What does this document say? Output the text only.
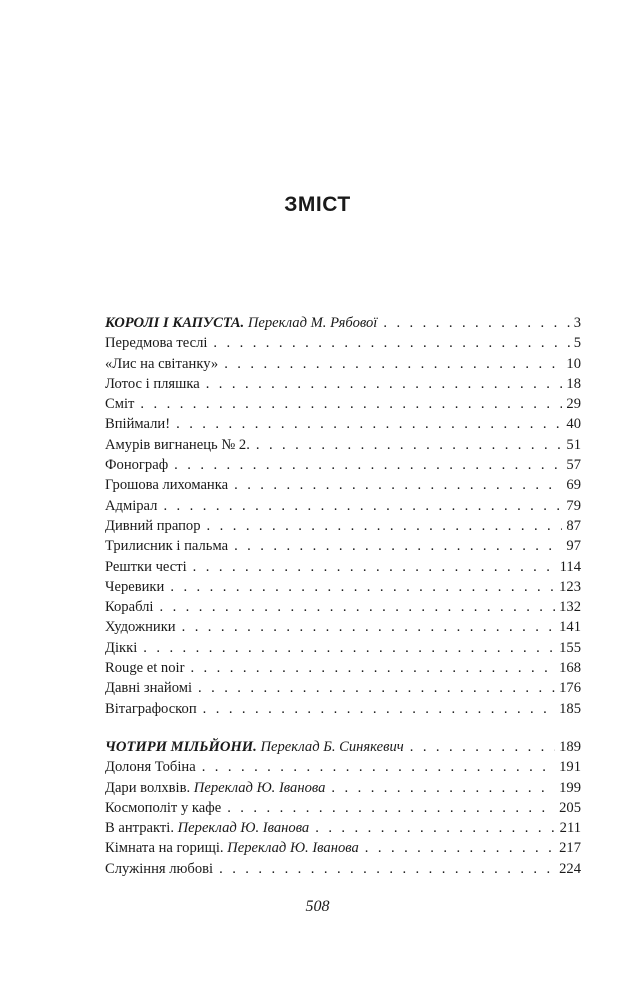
ЗМІСТ
КОРОЛІ І КАПУСТА. Переклад М. Рябової . . .	3
Передмова теслі . . .	5
«Лис на світанку» . . .	10
Лотос і пляшка . . .	18
Сміт . . .	29
Впіймали! . . .	40
Амурів вигнанець № 2. . . .	51
Фонограф . . .	57
Грошова лихоманка . . .	69
Адмірал . . .	79
Дивний прапор . . .	87
Трилисник і пальма . . .	97
Рештки честі . . .	114
Черевики . . .	123
Кораблі . . .	132
Художники . . .	141
Діккі . . .	155
Rouge et noir . . .	168
Давні знайомі . . .	176
Вітаграфоскоп . . .	185
ЧОТИРИ МІЛЬЙОНИ. Переклад Б. Синякевич . . .	189
Долоня Тобіна . . .	191
Дари волхвів. Переклад Ю. Іванова . . .	199
Космополіт у кафе . . .	205
В антракті. Переклад Ю. Іванова . . .	211
Кімната на горищі. Переклад Ю. Іванова . . .	217
Служіння любові . . .	224
508
